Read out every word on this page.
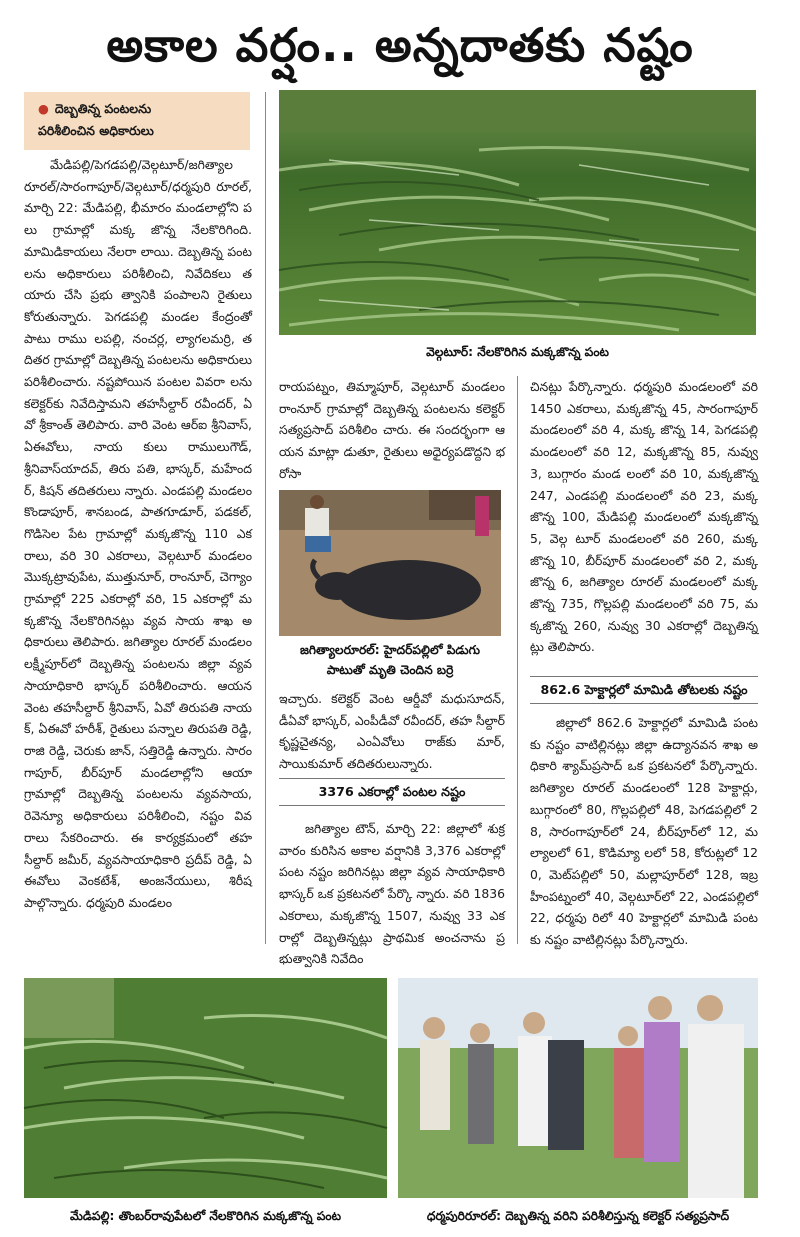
అకాల వర్షం.. అన్నదాతకు నష్టం
● దెబ్బతిన్న పంటలను
పరిశీలించిన అధికారులు

మేడిపల్లి/పెగడపల్లి/వెల్గటూర్/జగిత్యాల రూరల్/సారంగాపూర్/వెల్గటూర్/ధర్మపురి రూరల్, మార్చి 22: మేడిపల్లి, భీమారం మండలాల్లోని పలు గ్రామాల్లో మక్క జొన్న నేలకొరిగింది. మామిడికాయలు నేలరా లాయి. దెబ్బతిన్న పంటలను అధికారులు పరిశీలించి, నివేదికలు తయారు చేసి ప్రభు త్వానికి పంపాలని రైతులు కోరుతున్నారు. పెగడపల్లి మండల కేంద్రంతో పాటు రాము లపల్లి, నంచర్ల, ల్యాగలమర్రి, తదితర గ్రామాల్లో దెబ్బతిన్న పంటలను అధికారులు పరిశీలించారు. నష్టపోయిన పంటల వివరా లను కలెక్టర్‌కు నివేదిస్తామని తహసీల్దార్ రవీందర్, ఏవో శ్రీకాంత్ తెలిపారు. వారి వెంట ఆర్ఐ శ్రీనివాస్, ఏఈవోలు, నాయ కులు రాములుగౌడ్, శ్రీనివాస్‌యాదవ్, తిరు పతి, భాస్కర్, మహేందర్, కిషన్ తదితరులు న్నారు. ఎండపల్లి మండలం కొండాపూర్, శానబండ, పాతగూడూర్, పడకల్, గొడిసెల పేట గ్రామాల్లో మక్కజొన్న 110 ఎకరాలు, వరి 30 ఎకరాలు, వెల్గటూర్ మండలం మొక్కట్రావుపేట, ముత్తునూర్, రాంనూర్, చెగ్యాం గ్రామాల్లో 225 ఎకరాల్లో వరి, 15 ఎకరాల్లో మక్కజొన్న నేలకొరిగినట్లు వ్యవ సాయ శాఖ అధికారులు తెలిపారు. జగిత్యాల రూరల్ మండలం లక్ష్మీపూర్‌లో దెబ్బతిన్న పంటలను జిల్లా వ్యవసాయాధికారి భాస్కర్ పరిశీలించారు. ఆయన వెంట తహసీల్దార్ శ్రీనివాస్, ఏవో తిరుపతి నాయక్, ఏఈవో హరీశ్, రైతులు పన్నాల తిరుపతి రెడ్డి, రాజి రెడ్డి, చెరుకు జాన్, సత్తిరెడ్డి ఉన్నారు. సారం గాపూర్, బీర్‌పూర్ మండలాల్లోని ఆయా గ్రామాల్లో దెబ్బతిన్న పంటలను వ్యవసాయ, రెవెన్యూ అధికారులు పరిశీలించి, నష్టం వివ రాలు సేకరించారు. ఈ కార్యక్రమంలో తహ సీల్దార్ జమీర్, వ్యవసాయాధికారి ప్రదీప్ రెడ్డి, ఏఈవోలు వెంకటేశ్, అంజనేయులు, శిరీష పాల్గొన్నారు. ధర్మపురి మండలం

వెల్గటూర్: నేలకొరిగిన మక్కజొన్న పంట

రాయపట్నం, తిమ్మాపూర్, వెల్గటూర్ మండలం రాంనూర్ గ్రామాల్లో దెబ్బతిన్న పంటలను కలెక్టర్ సత్యప్రసాద్ పరిశీలిం చారు. ఈ సందర్భంగా ఆయన మాట్లా డుతూ, రైతులు అధైర్యపడొద్దని భరోసా

జగిత్యాలరూరల్: హైదర్‌పల్లిలో పిడుగు
పాటుతో మృతి చెందిన బర్రె

ఇచ్చారు. కలెక్టర్ వెంట ఆర్డీవో మధుసూదన్, డీఏవో భాస్కర్, ఎంపీడీవో రవీందర్, తహ సీల్దార్ కృష్ణచైతన్య, ఎంఏవోలు రాజ్‌కు మార్, సాయికుమార్ తదితరులున్నారు.

3376 ఎకరాల్లో పంటల నష్టం

జగిత్యాల టౌన్, మార్చి 22: జిల్లాలో శుక్రవారం కురిసిన అకాల వర్షానికి 3,376 ఎకరాల్లో పంట నష్టం జరిగినట్లు జిల్లా వ్యవ సాయాధికారి భాస్కర్ ఒక ప్రకటనలో పేర్కొ న్నారు. వరి 1836 ఎకరాలు, మక్కజొన్న 1507, నువ్వు 33 ఎకరాల్లో దెబ్బతిన్నట్లు ప్రాథమిక అంచనాను ప్రభుత్వానికి నివేదిం

చినట్లు పేర్కొన్నారు. ధర్మపురి మండలంలో వరి 1450 ఎకరాలు, మక్కజొన్న 45, సారంగాపూర్ మండలంలో వరి 4, మక్క జొన్న 14, పెగడపల్లి మండలంలో వరి 12, మక్కజొన్న 85, నువ్వు 3, బుగ్గారం మండ లంలో వరి 10, మక్కజొన్న 247, ఎండపల్లి మండలంలో వరి 23, మక్కజొన్న 100, మేడిపల్లి మండలంలో మక్కజొన్న 5, వెల్గ టూర్ మండలంలో వరి 260, మక్కజొన్న 10, బీర్‌పూర్ మండలంలో వరి 2, మక్క జొన్న 6, జగిత్యాల రూరల్ మండలంలో మక్కజొన్న 735, గొల్లపల్లి మండలంలో వరి 75, మక్కజొన్న 260, నువ్వు 30 ఎకరాల్లో దెబ్బతిన్నట్లు తెలిపారు.

862.6 హెక్టార్లలో మామిడి తోటలకు నష్టం

జిల్లాలో 862.6 హెక్టార్లలో మామిడి పంటకు నష్టం వాటిల్లినట్లు జిల్లా ఉద్యానవన శాఖ అధికారి శ్యామ్‌ప్రసాద్ ఒక ప్రకటనలో పేర్కొన్నారు. జగిత్యాల రూరల్ మండలంలో 128 హెక్టార్లు, బుగ్గారంలో 80, గొల్లపల్లిలో 48, పెగడపల్లిలో 28, సారంగాపూర్‌లో 24, బీర్‌పూర్‌లో 12, మల్యాలలో 61, కొడిమ్యా లలో 58, కోరుట్లలో 120, మెట్‌పల్లిలో 50, మల్లాపూర్‌లో 128, ఇబ్రహీంపట్నంలో 40, వెల్గటూర్‌లో 22, ఎండపల్లిలో 22, ధర్మపు రిలో 40 హెక్టార్లలో మామిడి పంటకు నష్టం వాటిల్లినట్లు పేర్కొన్నారు.

మేడిపల్లి: తొంబర్‌రావుపేటలో నేలకొరిగిన మక్కజొన్న పంట	ధర్మపురిరూరల్: దెబ్బతిన్న వరిని పరిశీలిస్తున్న కలెక్టర్ సత్యప్రసాద్
